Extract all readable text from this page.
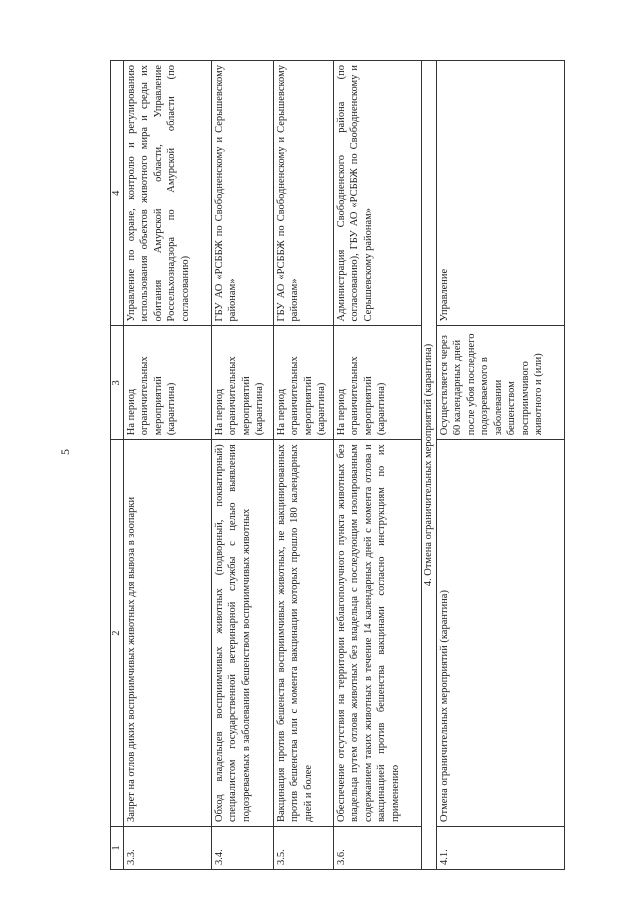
5
1	2	3	4
3.3.	Запрет на отлов диких восприимчивых животных для вывоза в зоопарки	На период ограничительных мероприятий (карантина)	Управление по охране, контролю и регулированию использования объектов животного мира и среды их обитания Амурской области, Управление Россельхознадзора по Амурской области (по согласованию)
3.4.	Обход владельцев восприимчивых животных (подворный, покватирный) специалистом государственной ветеринарной службы с целью выявления подозреваемых в заболевании бешенством восприимчивых животных	На период ограничительных мероприятий (карантина)	ГБУ АО «РСББЖ по Свободненскому и Серышевскому районам»
3.5.	Вакцинация против бешенства восприимчивых животных, не вакцинированных против бешенства или с момента вакцинации которых прошло 180 календарных дней и более	На период ограничительных мероприятий (карантина)	ГБУ АО «РСББЖ по Свободненскому и Серышевскому районам»
3.6.	Обеспечение отсутствия на территории неблагополучного пункта животных без владельца путем отлова животных без владельца с последующим изолированным содержанием таких животных в течение 14 календарных дней с момента отлова и вакцинацией против бешенства вакцинами согласно инструкциям по их применению	На период ограничительных мероприятий (карантина)	Администрация Свободненского района (по согласованию), ГБУ АО «РСББЖ по Свободненскому и Серышевскому районам»
4. Отмена ограничительных мероприятий (карантина)			
4.1.	Отмена ограничительных мероприятий (карантина)	Осуществляется через 60 календарных дней после убоя последнего подозреваемого в заболевании бешенством восприимчивого животного и (или)	Управление
